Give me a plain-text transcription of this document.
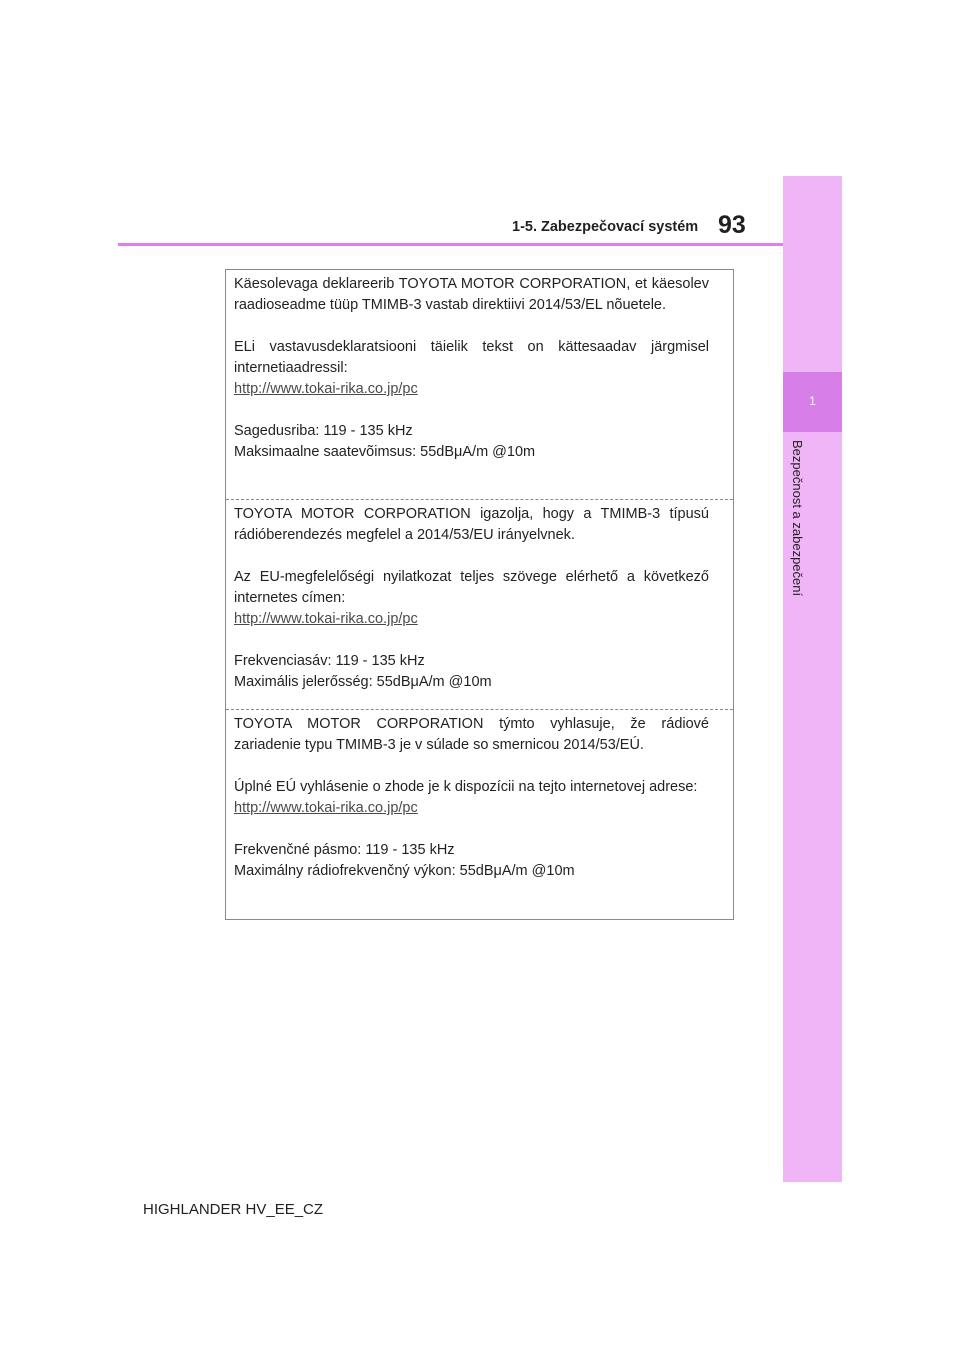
1-5. Zabezpečovací systém 93
1
Bezpečnost a zabezpečení

Käesolevaga deklareerib TOYOTA MOTOR CORPORATION, et käesolev raadioseadme tüüp TMIMB-3 vastab direktiivi 2014/53/EL nõuetele.

ELi vastavusdeklaratsiooni täielik tekst on kättesaadav järgmisel internetiaadressil:
http://www.tokai-rika.co.jp/pc

Sagedusriba: 119 - 135 kHz
Maksimaalne saatevõimsus: 55dBμA/m @10m

TOYOTA MOTOR CORPORATION igazolja, hogy a TMIMB-3 típusú rádióberendezés megfelel a 2014/53/EU irányelvnek.

Az EU-megfelelőségi nyilatkozat teljes szövege elérhető a következő internetes címen:
http://www.tokai-rika.co.jp/pc

Frekvenciasáv: 119 - 135 kHz
Maximális jelerősség: 55dBμA/m @10m

TOYOTA MOTOR CORPORATION týmto vyhlasuje, že rádiové zariadenie typu TMIMB-3 je v súlade so smernicou 2014/53/EÚ.

Úplné EÚ vyhlásenie o zhode je k dispozícii na tejto internetovej adrese:
http://www.tokai-rika.co.jp/pc

Frekvenčné pásmo: 119 - 135 kHz
Maximálny rádiofrekvenčný výkon: 55dBμA/m @10m

HIGHLANDER HV_EE_CZ
